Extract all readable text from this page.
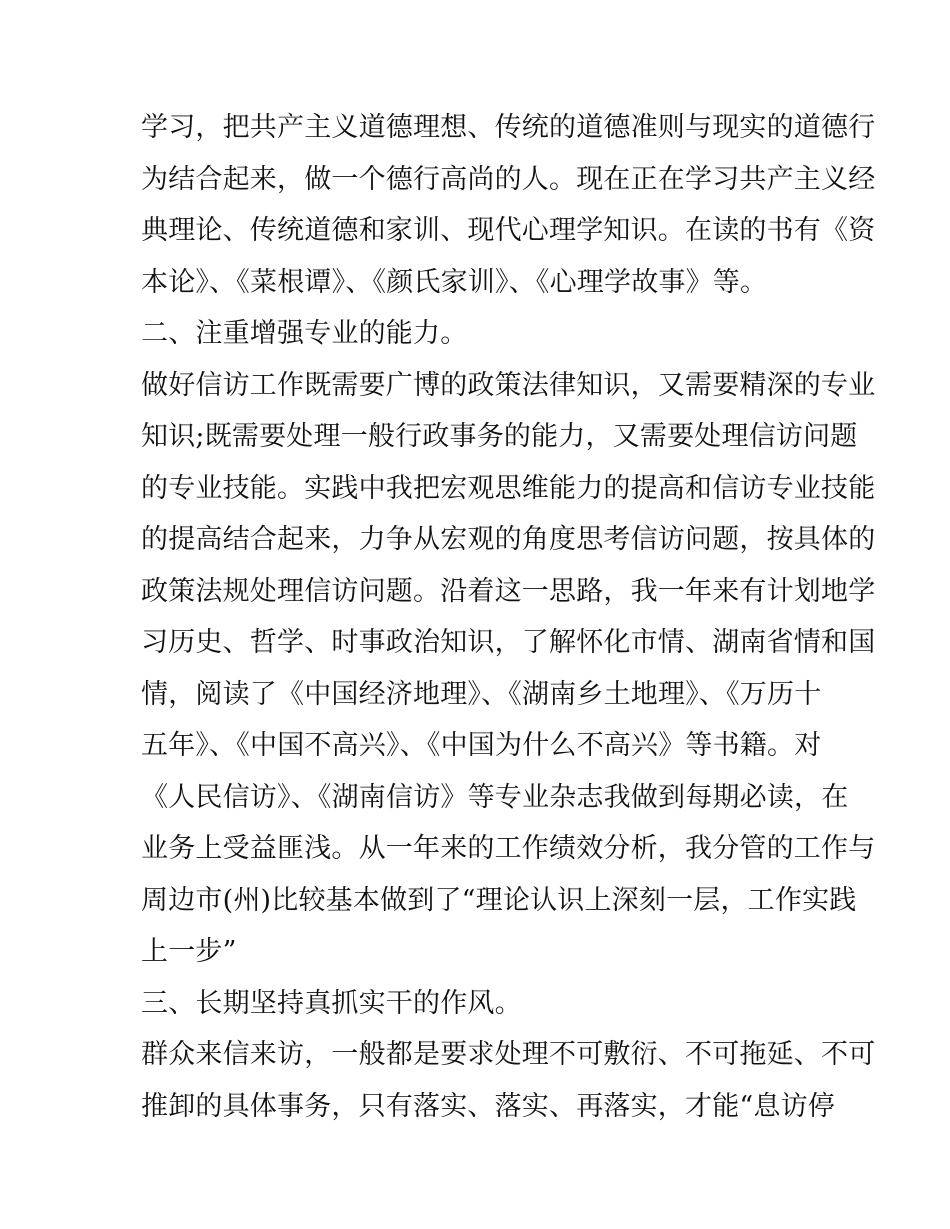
学习，把共产主义道德理想、传统的道德准则与现实的道德行
为结合起来，做一个德行高尚的人。现在正在学习共产主义经
典理论、传统道德和家训、现代心理学知识。在读的书有《资
本论》、《菜根谭》、《颜氏家训》、《心理学故事》等。
二、注重增强专业的能力。
做好信访工作既需要广博的政策法律知识，又需要精深的专业
知识;既需要处理一般行政事务的能力，又需要处理信访问题
的专业技能。实践中我把宏观思维能力的提高和信访专业技能
的提高结合起来，力争从宏观的角度思考信访问题，按具体的
政策法规处理信访问题。沿着这一思路，我一年来有计划地学
习历史、哲学、时事政治知识，了解怀化市情、湖南省情和国
情，阅读了《中国经济地理》、《湖南乡土地理》、《万历十
五年》、《中国不高兴》、《中国为什么不高兴》等书籍。对
《人民信访》、《湖南信访》等专业杂志我做到每期必读，在
业务上受益匪浅。从一年来的工作绩效分析，我分管的工作与
周边市(州)比较基本做到了“理论认识上深刻一层，工作实践
上一步”
三、长期坚持真抓实干的作风。
群众来信来访，一般都是要求处理不可敷衍、不可拖延、不可
推卸的具体事务，只有落实、落实、再落实，才能“息访停
